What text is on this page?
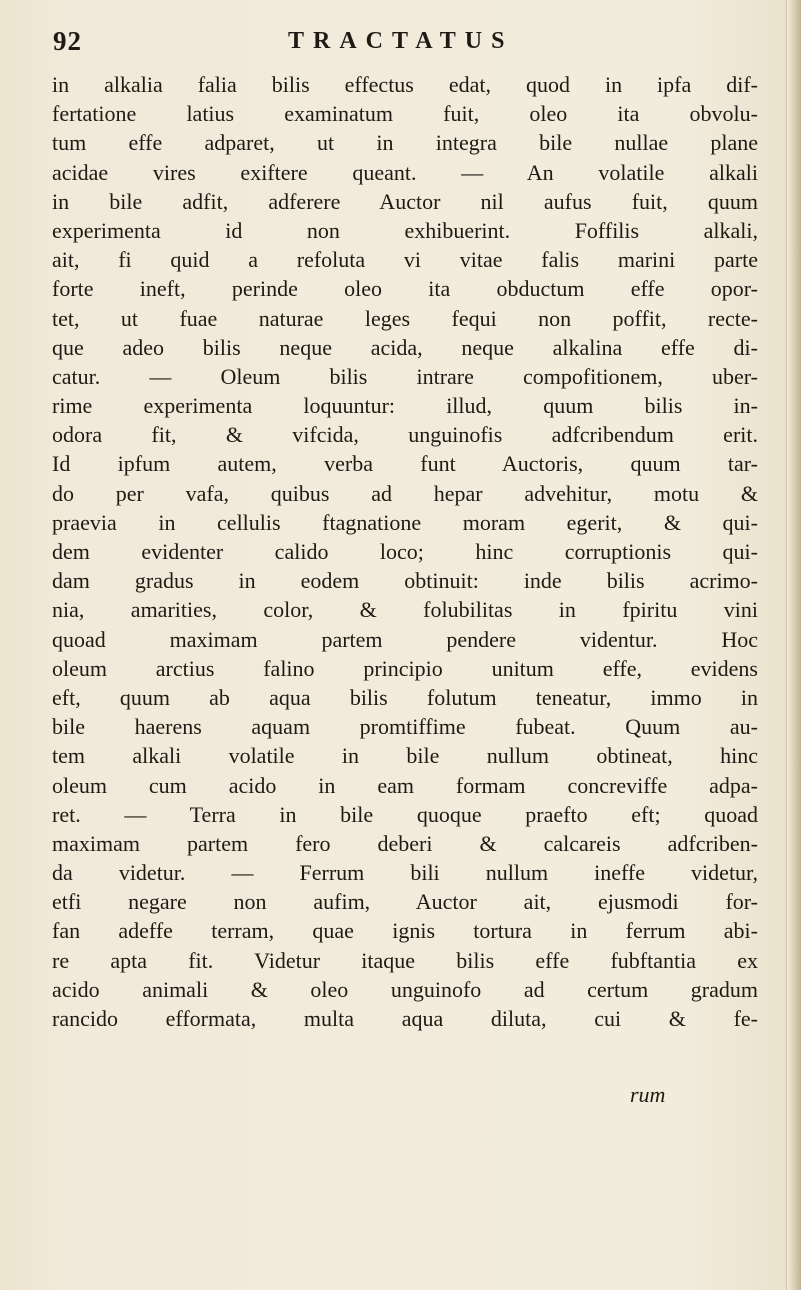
92	TRACTATUS
in alkalia falia bilis effectus edat, quod in ipfa dif-
fertatione latius examinatum fuit, oleo ita obvolu-
tum effe adparet, ut in integra bile nullae plane
acidae vires exiftere queant. — An volatile alkali
in bile adfit, adferere Auctor nil aufus fuit, quum
experimenta id non exhibuerint. Foffilis alkali,
ait, fi quid a refoluta vi vitae falis marini parte
forte ineft, perinde oleo ita obductum effe opor-
tet, ut fuae naturae leges fequi non poffit, recte-
que adeo bilis neque acida, neque alkalina effe di-
catur. — Oleum bilis intrare compofitionem, uber-
rime experimenta loquuntur: illud, quum bilis in-
odora fit, & vifcida, unguinofis adfcribendum erit.
Id ipfum autem, verba funt Auctoris, quum tar-
do per vafa, quibus ad hepar advehitur, motu &
praevia in cellulis ftagnatione moram egerit, & qui-
dem evidenter calido loco; hinc corruptionis qui-
dam gradus in eodem obtinuit: inde bilis acrimo-
nia, amarities, color, & folubilitas in fpiritu vini
quoad maximam partem pendere videntur. Hoc
oleum arctius falino principio unitum effe, evidens
eft, quum ab aqua bilis folutum teneatur, immo in
bile haerens aquam promtiffime fubeat. Quum au-
tem alkali volatile in bile nullum obtineat, hinc
oleum cum acido in eam formam concreviffe adpa-
ret. — Terra in bile quoque praefto eft; quoad
maximam partem fero deberi & calcareis adfcriben-
da videtur. — Ferrum bili nullum ineffe videtur,
etfi negare non aufim, Auctor ait, ejusmodi for-
fan adeffe terram, quae ignis tortura in ferrum abi-
re apta fit. Videtur itaque bilis effe fubftantia ex
acido animali & oleo unguinofo ad certum gradum
rancido efformata, multa aqua diluta, cui & fe-
rum
